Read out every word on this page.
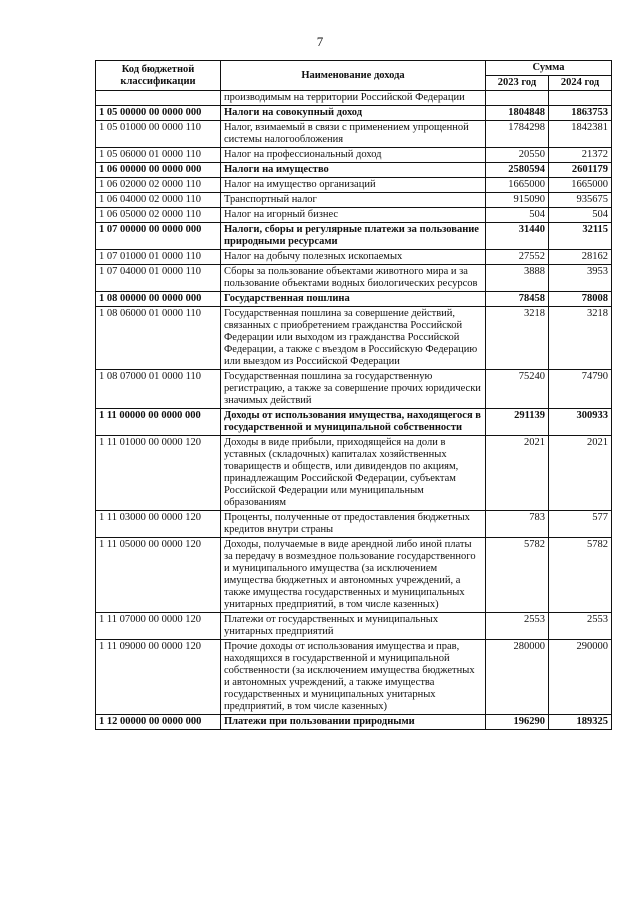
7
Код бюджетной классификации	Наименование дохода	Сумма	
		2023 год	2024 год
	производимым на территории Российской Федерации		
1 05 00000 00 0000 000	Налоги на совокупный доход	1804848	1863753
1 05 01000 00 0000 110	Налог, взимаемый в связи с применением упрощенной системы налогообложения	1784298	1842381
1 05 06000 01 0000 110	Налог на профессиональный доход	20550	21372
1 06 00000 00 0000 000	Налоги на имущество	2580594	2601179
1 06 02000 02 0000 110	Налог на имущество организаций	1665000	1665000
1 06 04000 02 0000 110	Транспортный налог	915090	935675
1 06 05000 02 0000 110	Налог на игорный бизнес	504	504
1 07 00000 00 0000 000	Налоги, сборы и регулярные платежи за пользование природными ресурсами	31440	32115
1 07 01000 01 0000 110	Налог на добычу полезных ископаемых	27552	28162
1 07 04000 01 0000 110	Сборы за пользование объектами животного мира и за пользование объектами водных биологических ресурсов	3888	3953
1 08 00000 00 0000 000	Государственная пошлина	78458	78008
1 08 06000 01 0000 110	Государственная пошлина за совершение действий, связанных с приобретением гражданства Российской Федерации или выходом из гражданства Российской Федерации, а также с въездом в Российскую Федерацию или выездом из Российской Федерации	3218	3218
1 08 07000 01 0000 110	Государственная пошлина за государственную регистрацию, а также за совершение прочих юридически значимых действий	75240	74790
1 11 00000 00 0000 000	Доходы от использования имущества, находящегося в государственной и муниципальной собственности	291139	300933
1 11 01000 00 0000 120	Доходы в виде прибыли, приходящейся на доли в уставных (складочных) капиталах хозяйственных товариществ и обществ, или дивидендов по акциям, принадлежащим Российской Федерации, субъектам Российской Федерации или муниципальным образованиям	2021	2021
1 11 03000 00 0000 120	Проценты, полученные от предоставления бюджетных кредитов внутри страны	783	577
1 11 05000 00 0000 120	Доходы, получаемые в виде арендной либо иной платы за передачу в возмездное пользование государственного и муниципального имущества (за исключением имущества бюджетных и автономных учреждений, а также имущества государственных и муниципальных унитарных предприятий, в том числе казенных)	5782	5782
1 11 07000 00 0000 120	Платежи от государственных и муниципальных унитарных предприятий	2553	2553
1 11 09000 00 0000 120	Прочие доходы от использования имущества и прав, находящихся в государственной и муниципальной собственности (за исключением имущества бюджетных и автономных учреждений, а также имущества государственных и муниципальных унитарных предприятий, в том числе казенных)	280000	290000
1 12 00000 00 0000 000	Платежи при пользовании природными	196290	189325
